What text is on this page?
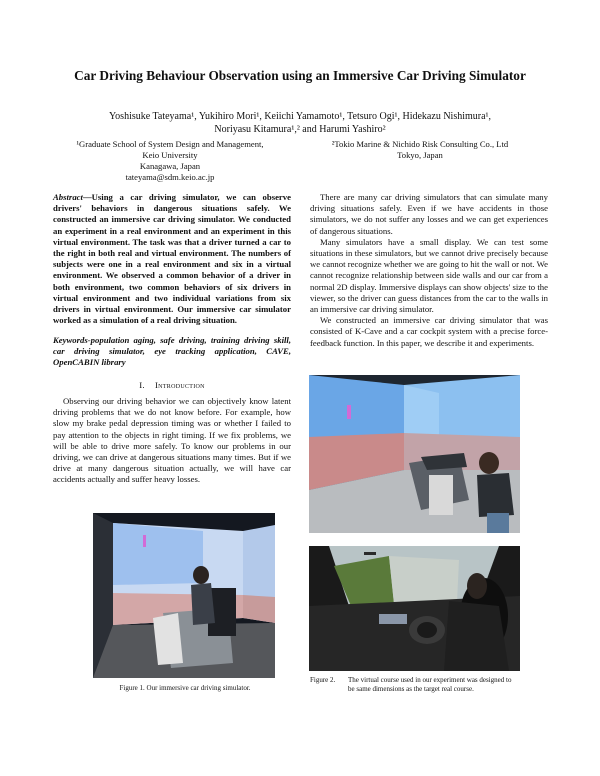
Car Driving Behaviour Observation using an Immersive Car Driving Simulator
Yoshisuke Tateyama¹, Yukihiro Mori¹, Keiichi Yamamoto¹, Tetsuro Ogi¹, Hidekazu Nishimura¹,
Noriyasu Kitamura¹,² and Harumi Yashiro²
¹Graduate School of System Design and Management,
Keio University
Kanagawa, Japan
tateyama@sdm.keio.ac.jp
²Tokio Marine & Nichido Risk Consulting Co., Ltd
Tokyo, Japan
Abstract—Using a car driving simulator, we can observe drivers' behaviors in dangerous situations safely. We constructed an immersive car driving simulator. We conducted an experiment in a real environment and an experiment in this virtual environment. The task was that a driver turned a car to the right in both real and virtual environment. The numbers of subjects were one in a real environment and six in a virtual environment. We observed a common behavior of a driver in both environment, two common behaviors of six drivers in virtual environment and two individual variations from six drivers in virtual environment. Our immersive car simulator worked as a simulation of a real driving situation.
Keywords-population aging, safe driving, training driving skill, car driving simulator, eye tracking application, CAVE, OpenCABIN library
I. Introduction
Observing our driving behavior we can objectively know latent driving problems that we do not know before. For example, how slow my brake pedal depression timing was or whether I failed to pay attention to the objects in right timing. If we fix problems, we will be able to drive more safely. To know our problems in our driving, we can drive at dangerous situations many times. But if we drive at many dangerous situation actually, we will have car accidents actually and suffer heavy losses.

There are many car driving simulators that can simulate many driving situations safely. Even if we have accidents in those simulators, we do not suffer any losses and we can get experiences of dangerous situations.

Many simulators have a small display. We can test some situations in these simulators, but we cannot drive precisely because we cannot recognize whether we are going to hit the wall or not. We cannot recognize relationship between side walls and our car from a normal 2D display. Immersive displays can show objects' size to the viewer, so the driver can guess distances from the car to the walls in an immersive car driving simulator.

We constructed an immersive car driving simulator that was consisted of K-Cave and a car cockpit system with a precise force-feedback function. In this paper, we describe it and experiments.

Figure 1. Our immersive car driving simulator.
Figure 2. The virtual course used in our experiment was designed to
be same dimensions as the target real course.
